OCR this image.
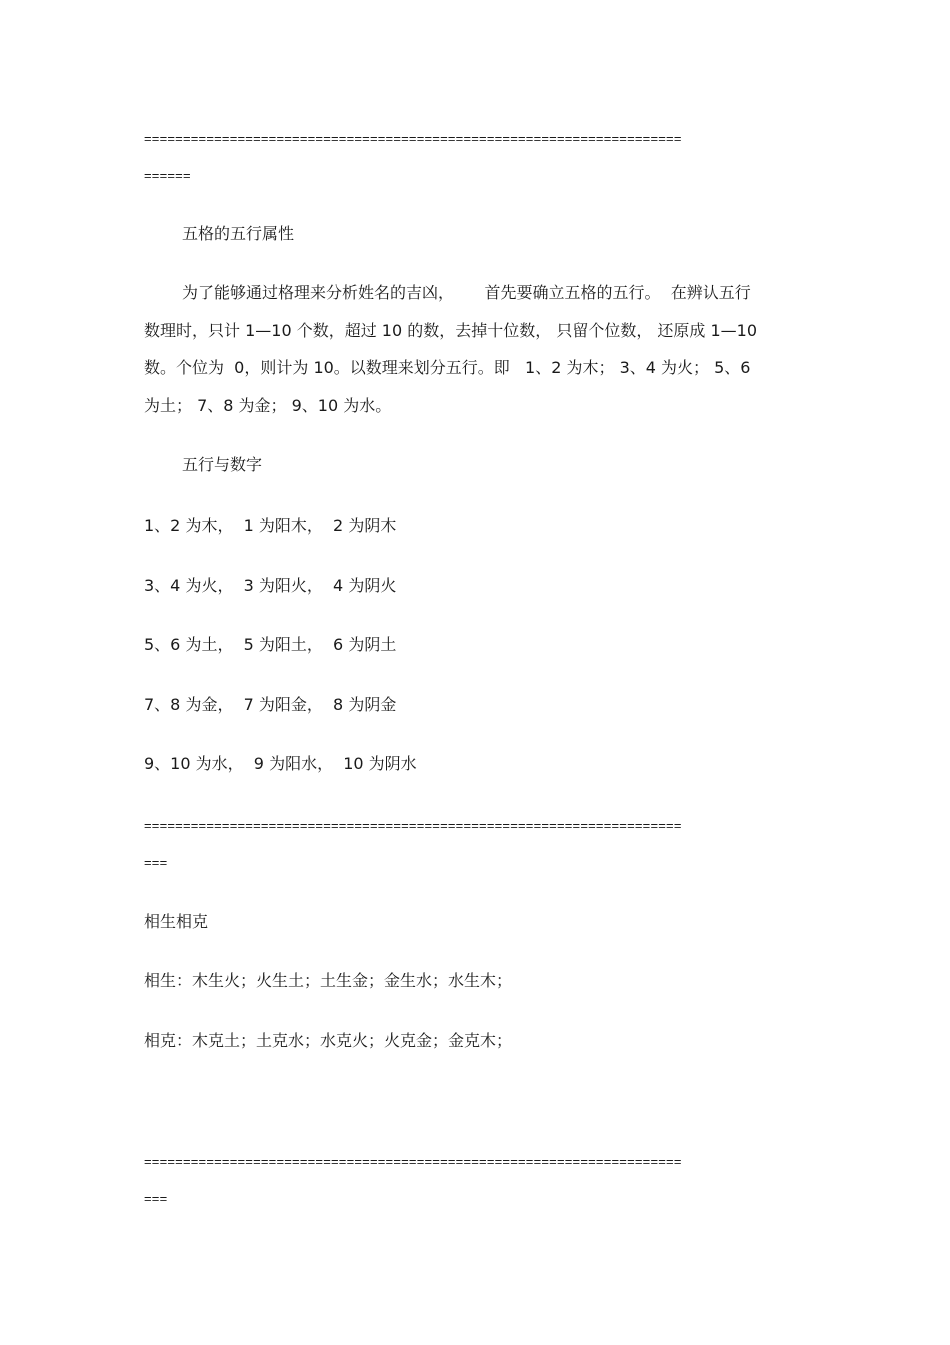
=====================================================================
======
五格的五行属性
为了能够通过格理来分析姓名的吉凶，      首先要确立五格的五行。  在辨认五行
数理时，只计 1—10 个数，超过 10 的数，去掉十位数， 只留个位数， 还原成 1—10
数。个位为  0，则计为 10。以数理来划分五行。即   1、2 为木； 3、4 为火； 5、6
为土； 7、8 为金； 9、10 为水。
五行与数字
1、2 为木，  1 为阳木，  2 为阴木
3、4 为火，  3 为阳火，  4 为阴火
5、6 为土，  5 为阳土，  6 为阴土
7、8 为金，  7 为阳金，  8 为阴金
9、10 为水，  9 为阳水，  10 为阴水
=====================================================================
===
相生相克
相生：木生火；火生土；土生金；金生水；水生木；
相克：木克土；土克水；水克火；火克金；金克木；
=====================================================================
===
